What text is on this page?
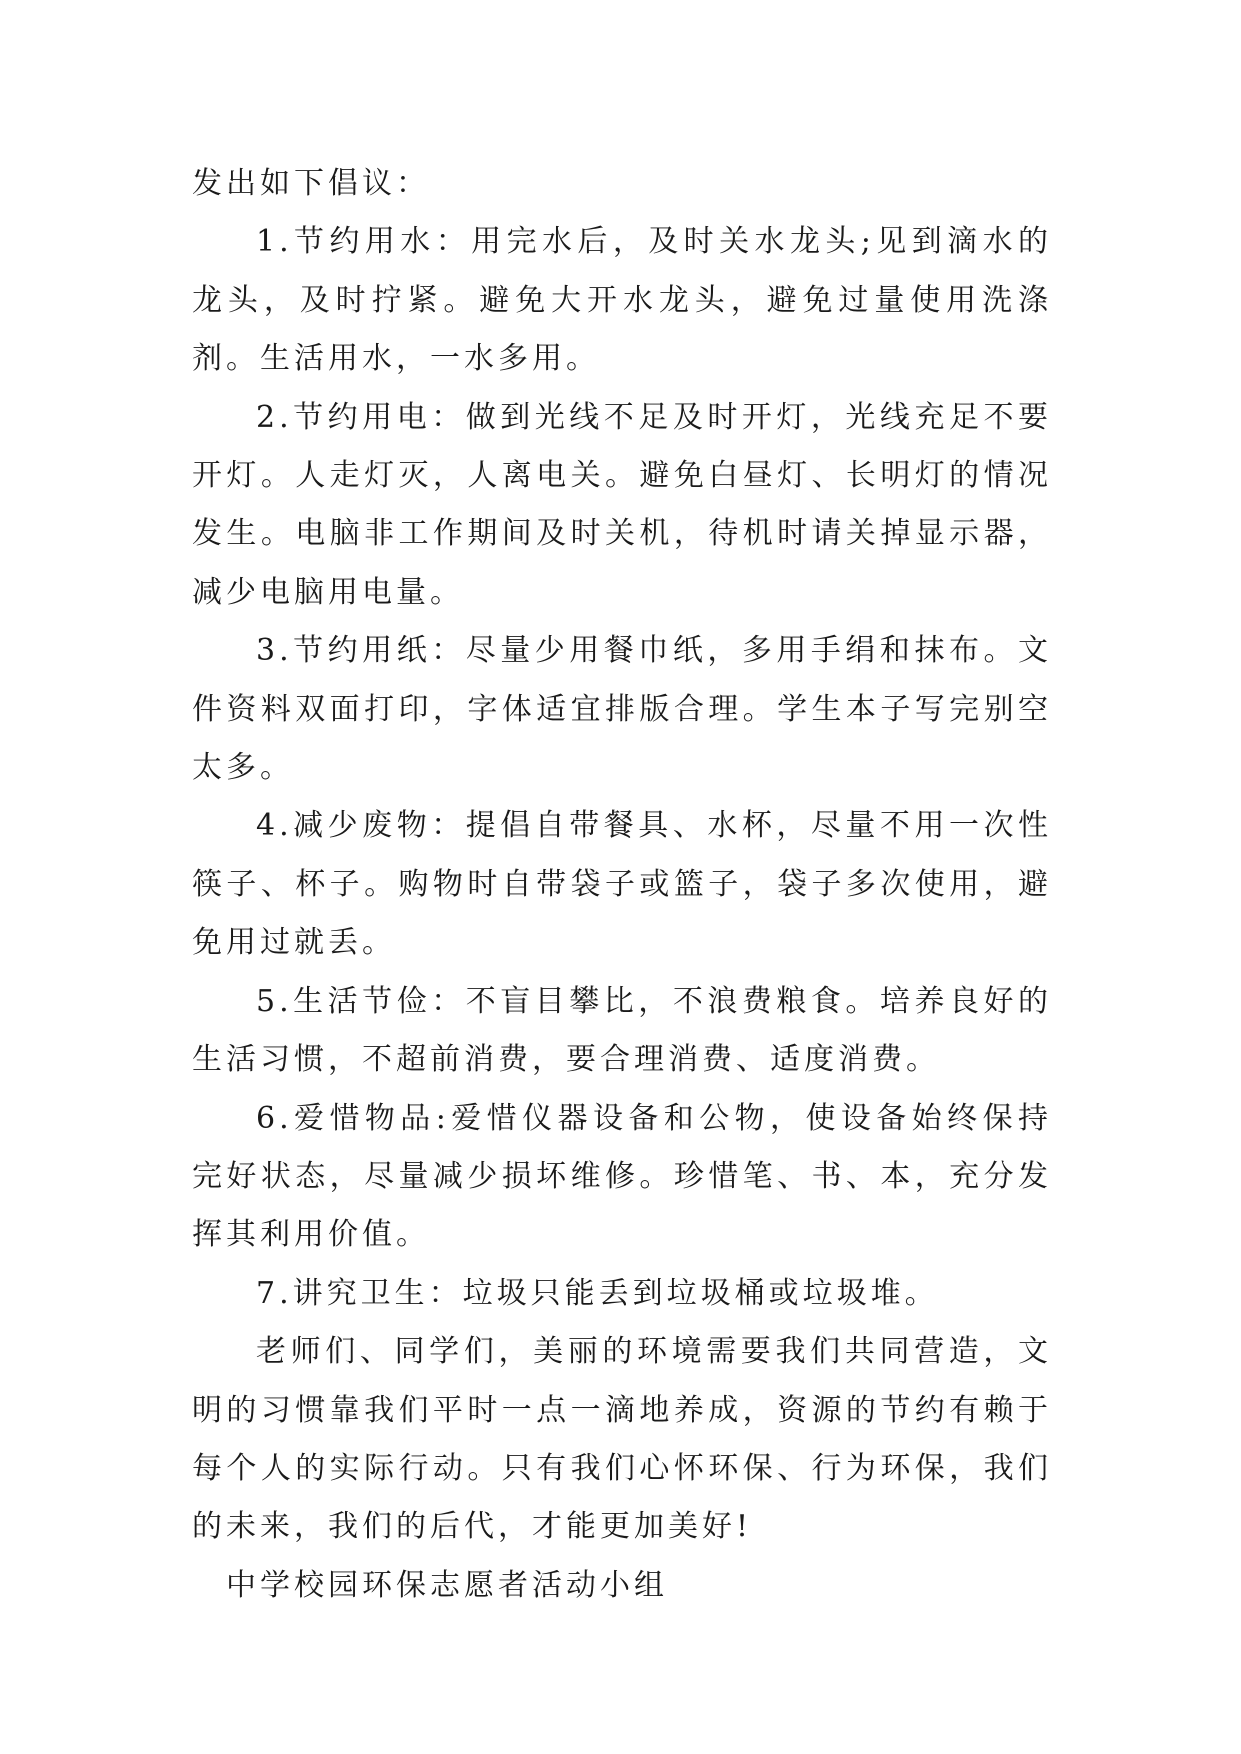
发出如下倡议：

1.节约用水：用完水后，及时关水龙头;见到滴水的龙头，及时拧紧。避免大开水龙头，避免过量使用洗涤剂。生活用水，一水多用。

2.节约用电：做到光线不足及时开灯，光线充足不要开灯。人走灯灭，人离电关。避免白昼灯、长明灯的情况发生。电脑非工作期间及时关机，待机时请关掉显示器，减少电脑用电量。

3.节约用纸：尽量少用餐巾纸，多用手绢和抹布。文件资料双面打印，字体适宜排版合理。学生本子写完别空太多。

4.减少废物：提倡自带餐具、水杯，尽量不用一次性筷子、杯子。购物时自带袋子或篮子，袋子多次使用，避免用过就丢。

5.生活节俭：不盲目攀比，不浪费粮食。培养良好的生活习惯，不超前消费，要合理消费、适度消费。

6.爱惜物品:爱惜仪器设备和公物，使设备始终保持完好状态，尽量减少损坏维修。珍惜笔、书、本，充分发挥其利用价值。

7.讲究卫生：垃圾只能丢到垃圾桶或垃圾堆。

老师们、同学们，美丽的环境需要我们共同营造，文明的习惯靠我们平时一点一滴地养成，资源的节约有赖于每个人的实际行动。只有我们心怀环保、行为环保，我们的未来，我们的后代，才能更加美好!

中学校园环保志愿者活动小组
